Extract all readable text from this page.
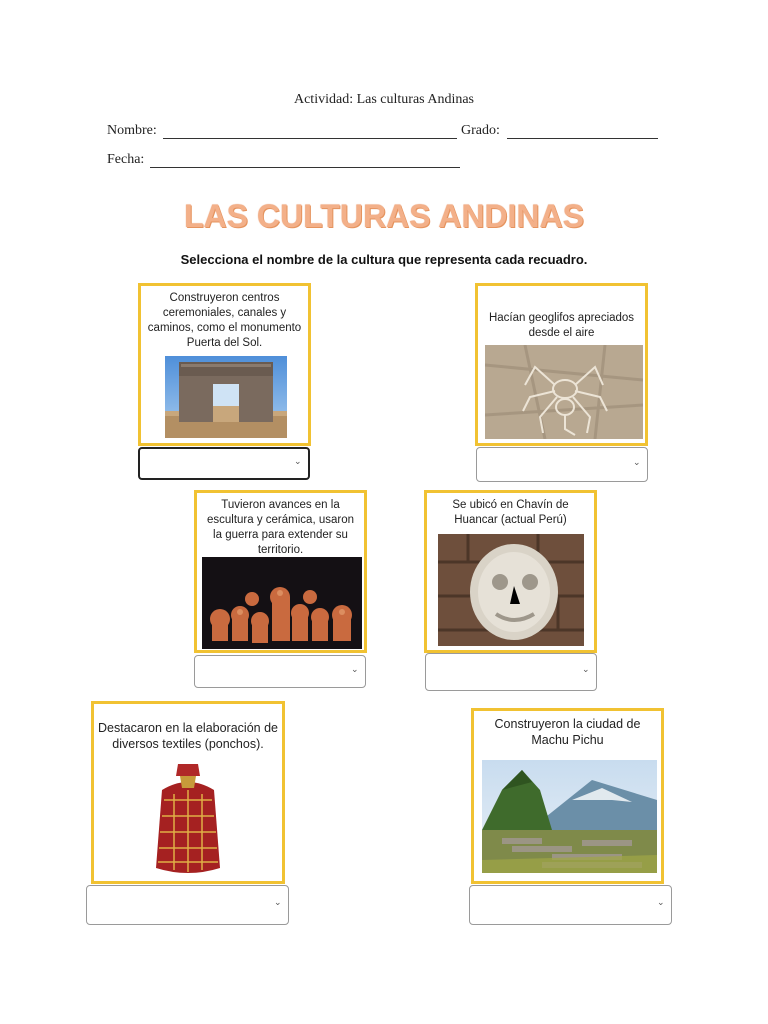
Actividad: Las culturas Andinas
Nombre:	Grado:
Fecha:
LAS CULTURAS ANDINAS
Selecciona el nombre de la cultura que representa cada recuadro.
Construyeron centros ceremoniales, canales y caminos, como el monumento Puerta del Sol.
⌄
Hacían geoglifos apreciados desde el aire
⌄
Tuvieron avances en la escultura y cerámica, usaron la guerra para extender su territorio.
⌄
Se ubicó en Chavín de Huancar (actual Perú)
⌄
Destacaron en la elaboración de diversos textiles (ponchos).
⌄
Construyeron la ciudad de Machu Pichu
⌄
